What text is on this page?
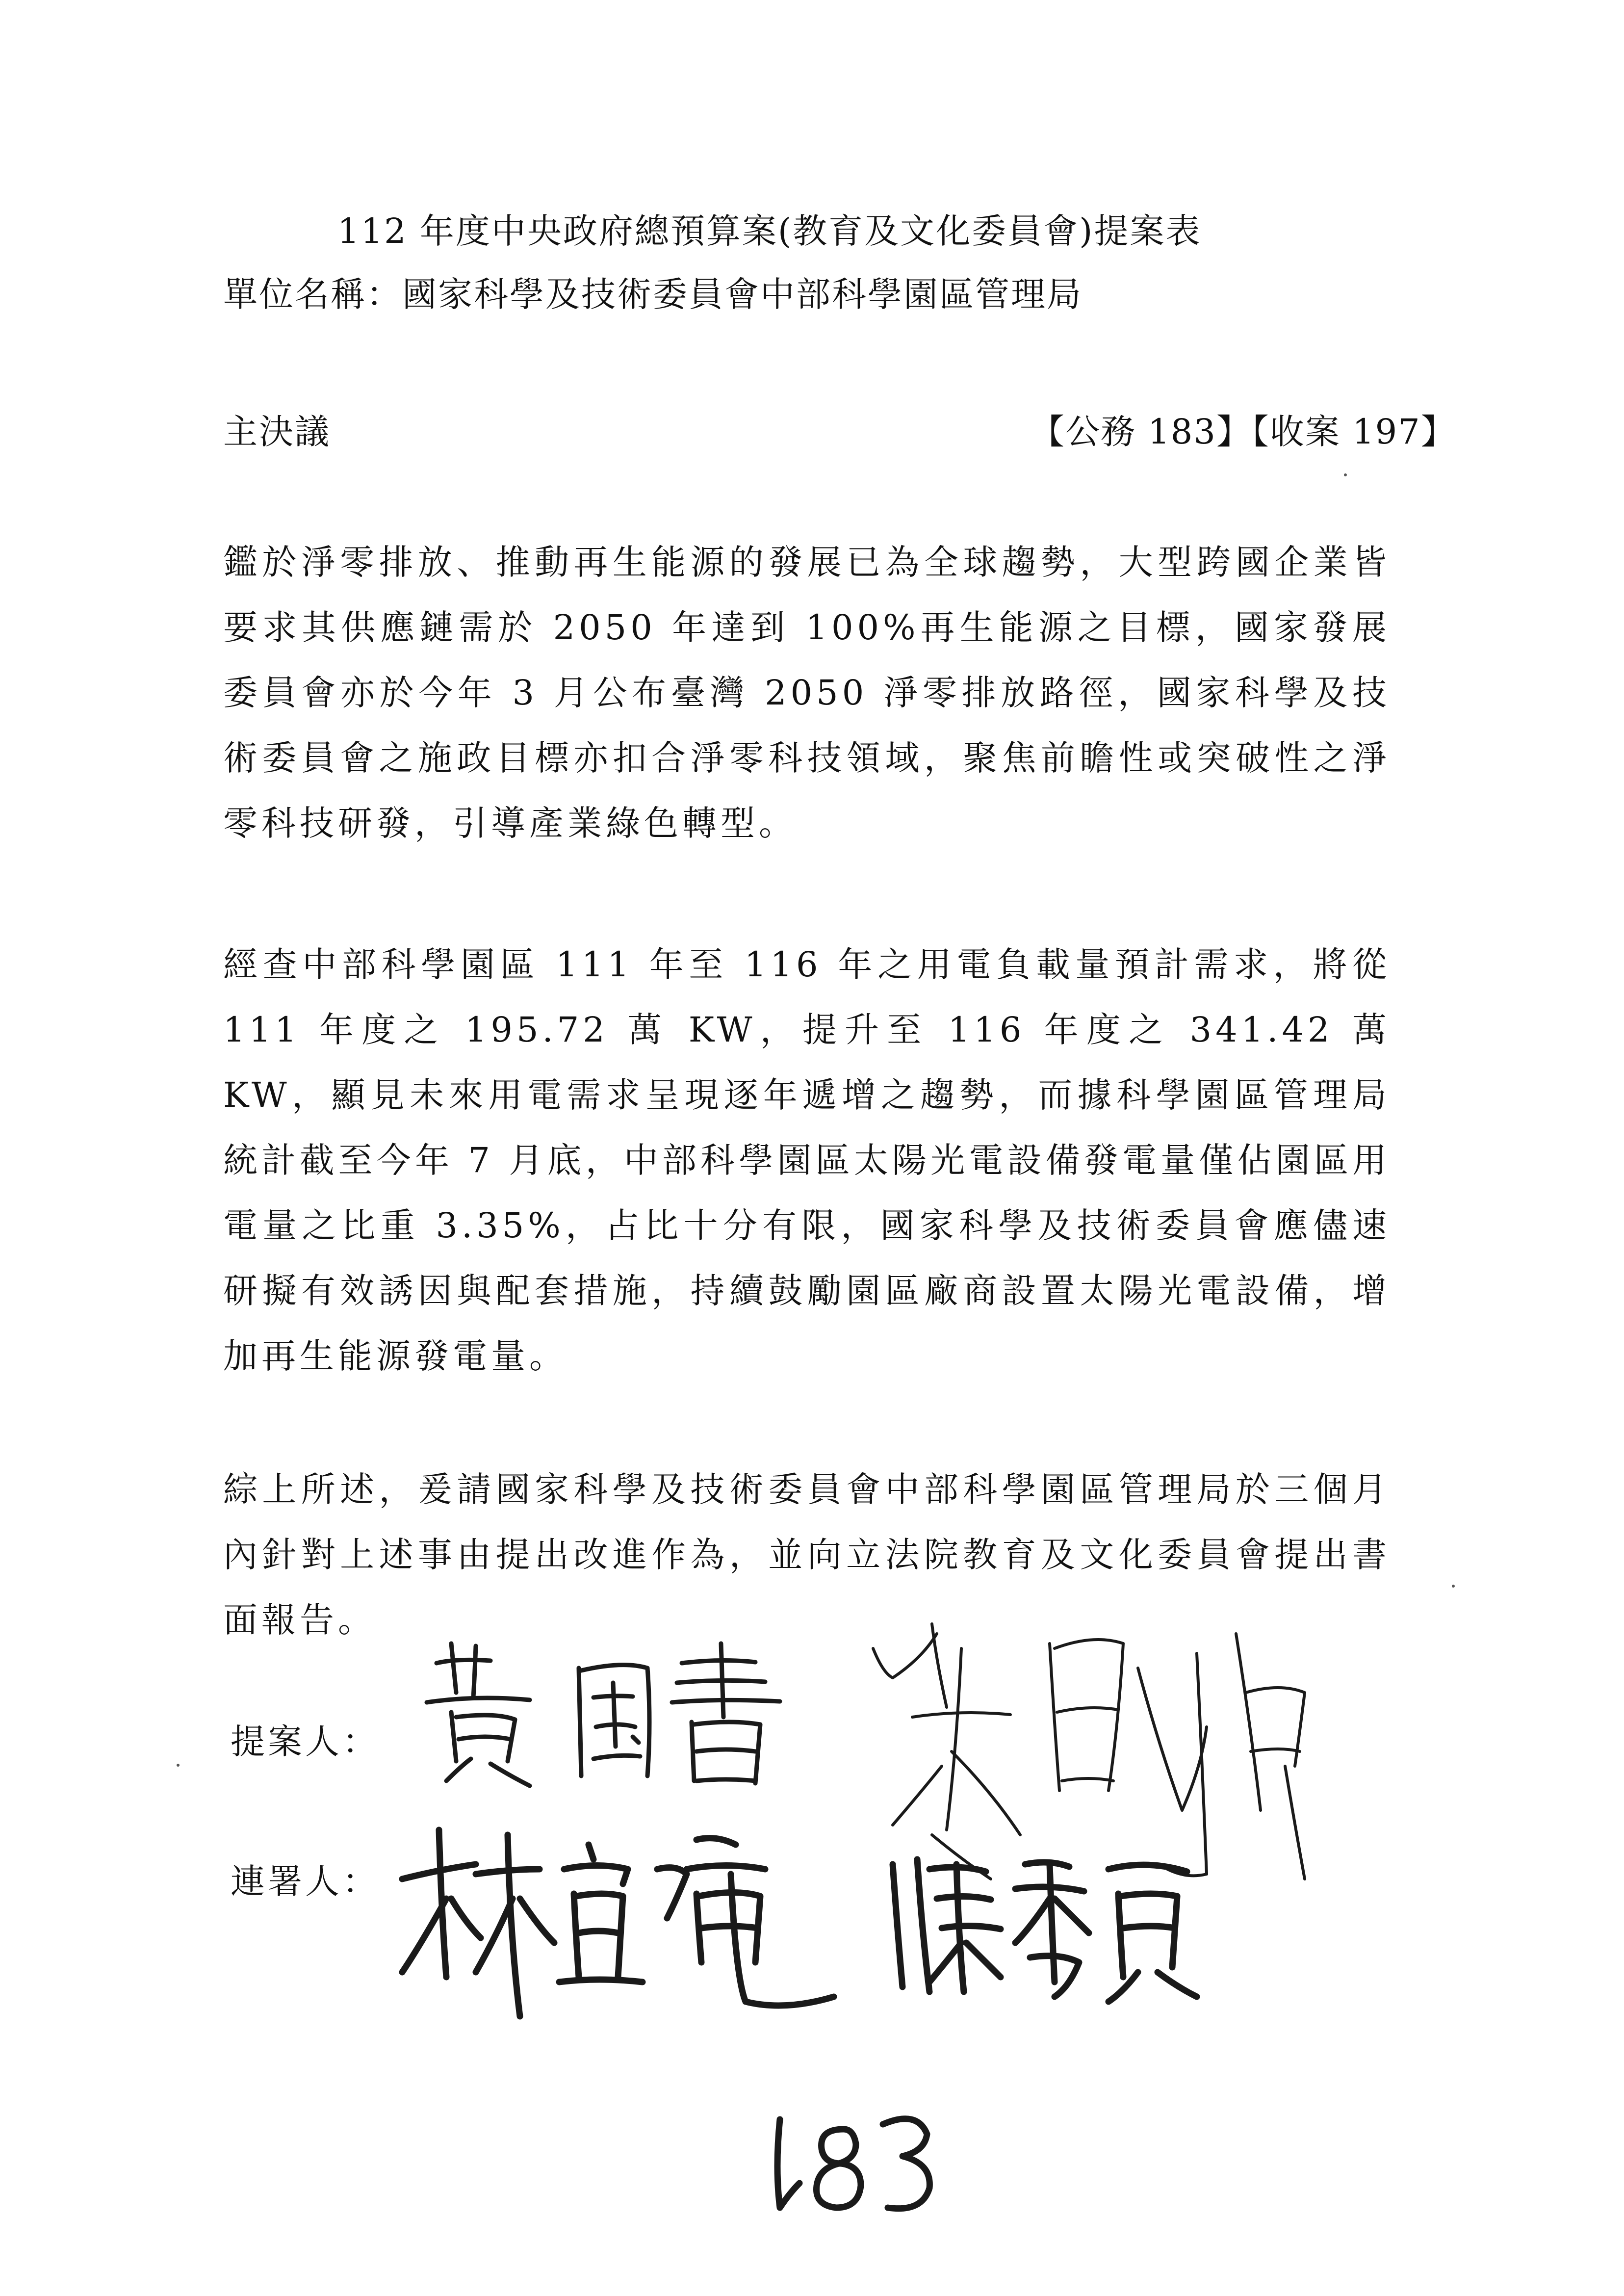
112 年度中央政府總預算案(教育及文化委員會)提案表
單位名稱：國家科學及技術委員會中部科學園區管理局
主決議	【公務 183】【收案 197】
鑑於淨零排放、推動再生能源的發展已為全球趨勢，大型跨國企業皆要求其供應鏈需於 2050 年達到 100%再生能源之目標，國家發展委員會亦於今年 3 月公布臺灣 2050 淨零排放路徑，國家科學及技術委員會之施政目標亦扣合淨零科技領域，聚焦前瞻性或突破性之淨零科技研發，引導產業綠色轉型。
經查中部科學園區 111 年至 116 年之用電負載量預計需求，將從 111 年度之 195.72 萬 KW，提升至 116 年度之 341.42 萬 KW，顯見未來用電需求呈現逐年遞增之趨勢，而據科學園區管理局統計截至今年 7 月底，中部科學園區太陽光電設備發電量僅佔園區用電量之比重 3.35%，占比十分有限，國家科學及技術委員會應儘速研擬有效誘因與配套措施，持續鼓勵園區廠商設置太陽光電設備，增加再生能源發電量。
綜上所述，爰請國家科學及技術委員會中部科學園區管理局於三個月內針對上述事由提出改進作為，並向立法院教育及文化委員會提出書面報告。
提案人：
連署人：
